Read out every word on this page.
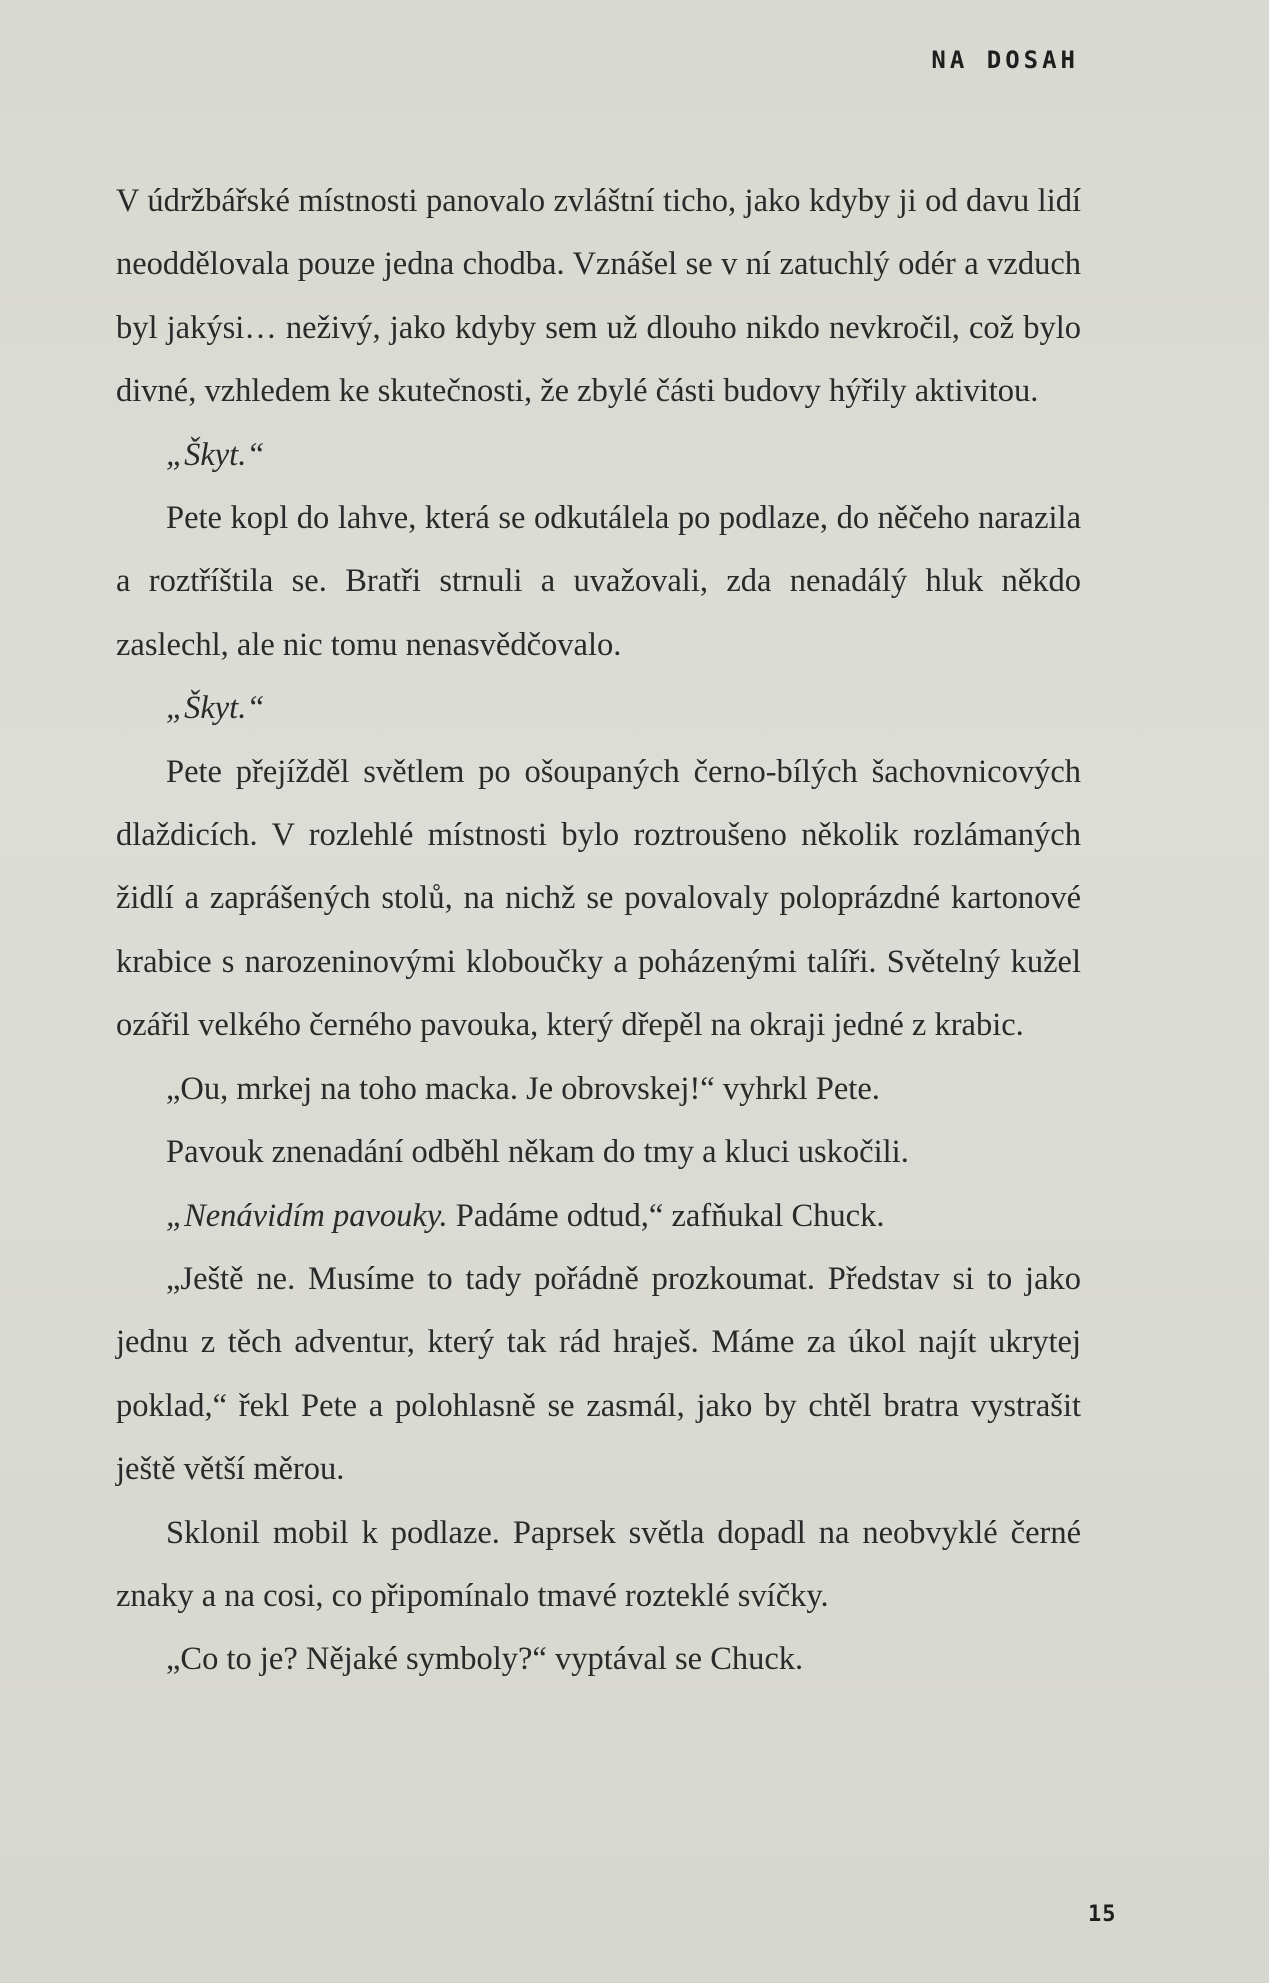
NA DOSAH

V údržbářské místnosti panovalo zvláštní ticho, jako kdyby ji od davu lidí neoddělovala pouze jedna chodba. Vznášel se v ní zatuchlý odér a vzduch byl jakýsi… neživý, jako kdyby sem už dlouho nikdo nevkročil, což bylo divné, vzhledem ke skutečnosti, že zbylé části budovy hýřily aktivitou.

„Škyt.“

Pete kopl do lahve, která se odkutálela po podlaze, do něčeho narazila a roztříštila se. Bratři strnuli a uvažovali, zda nenadálý hluk někdo zaslechl, ale nic tomu nenasvědčovalo.

„Škyt.“

Pete přejížděl světlem po ošoupaných černo-bílých šachovnicových dlaždicích. V rozlehlé místnosti bylo roztroušeno několik rozlámaných židlí a zaprášených stolů, na nichž se povalovaly poloprázdné kartonové krabice s narozeninovými kloboučky a poházenými talíři. Světelný kužel ozářil velkého černého pavouka, který dřepěl na okraji jedné z krabic.

„Ou, mrkej na toho macka. Je obrovskej!“ vyhrkl Pete.

Pavouk znenadání odběhl někam do tmy a kluci uskočili.

„Nenávidím pavouky. Padáme odtud,“ zafňukal Chuck.

„Ještě ne. Musíme to tady pořádně prozkoumat. Představ si to jako jednu z těch adventur, který tak rád hraješ. Máme za úkol najít ukrytej poklad,“ řekl Pete a polohlasně se zasmál, jako by chtěl bratra vystrašit ještě větší měrou.

Sklonil mobil k podlaze. Paprsek světla dopadl na neobvyklé černé znaky a na cosi, co připomínalo tmavé rozteklé svíčky.

„Co to je? Nějaké symboly?“ vyptával se Chuck.

15
